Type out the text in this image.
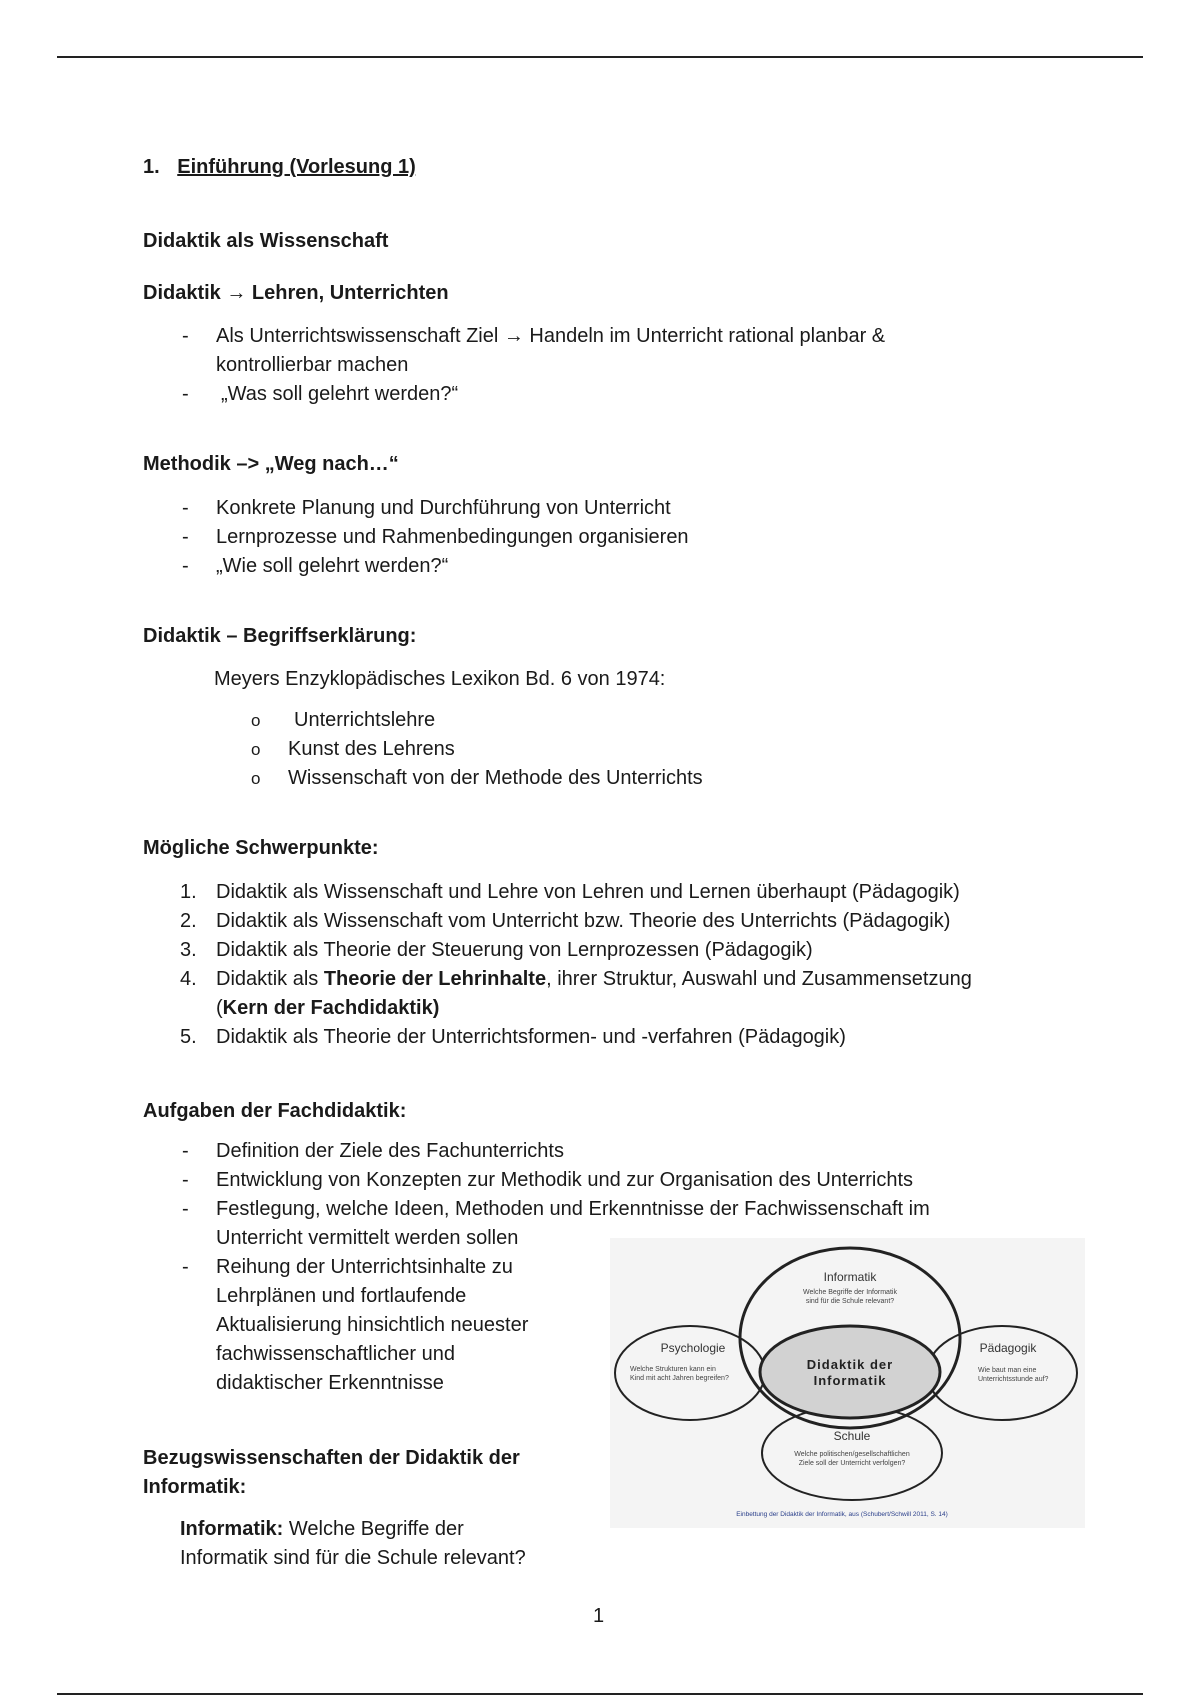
1. Einführung (Vorlesung 1)
Didaktik als Wissenschaft
Didaktik → Lehren, Unterrichten
- Als Unterrichtswissenschaft Ziel → Handeln im Unterricht rational planbar &
kontrollierbar machen
- „Was soll gelehrt werden?“
Methodik –> „Weg nach…“
- Konkrete Planung und Durchführung von Unterricht
- Lernprozesse und Rahmenbedingungen organisieren
- „Wie soll gelehrt werden?“
Didaktik – Begriffserklärung:
Meyers Enzyklopädisches Lexikon Bd. 6 von 1974:
o Unterrichtslehre
o Kunst des Lehrens
o Wissenschaft von der Methode des Unterrichts
Mögliche Schwerpunkte:
1. Didaktik als Wissenschaft und Lehre von Lehren und Lernen überhaupt (Pädagogik)
2. Didaktik als Wissenschaft vom Unterricht bzw. Theorie des Unterrichts (Pädagogik)
3. Didaktik als Theorie der Steuerung von Lernprozessen (Pädagogik)
4. Didaktik als Theorie der Lehrinhalte, ihrer Struktur, Auswahl und Zusammensetzung
(Kern der Fachdidaktik)
5. Didaktik als Theorie der Unterrichtsformen- und -verfahren (Pädagogik)
Aufgaben der Fachdidaktik:
- Definition der Ziele des Fachunterrichts
- Entwicklung von Konzepten zur Methodik und zur Organisation des Unterrichts
- Festlegung, welche Ideen, Methoden und Erkenntnisse der Fachwissenschaft im
Unterricht vermittelt werden sollen
- Reihung der Unterrichtsinhalte zu
Lehrplänen und fortlaufende
Aktualisierung hinsichtlich neuester
fachwissenschaftlicher und
didaktischer Erkenntnisse
Bezugswissenschaften der Didaktik der
Informatik:
Informatik: Welche Begriffe der
Informatik sind für die Schule relevant?
Didaktik der
Informatik
Informatik
Welche Begriffe der Informatik
sind für die Schule relevant?
Psychologie
Welche Strukturen kann ein
Kind mit acht Jahren begreifen?
Pädagogik
Wie baut man eine
Unterrichtsstunde auf?
Schule
Welche politischen/gesellschaftlichen
Ziele soll der Unterricht verfolgen?
Einbettung der Didaktik der Informatik, aus (Schubert/Schwill 2011, S. 14)
1
